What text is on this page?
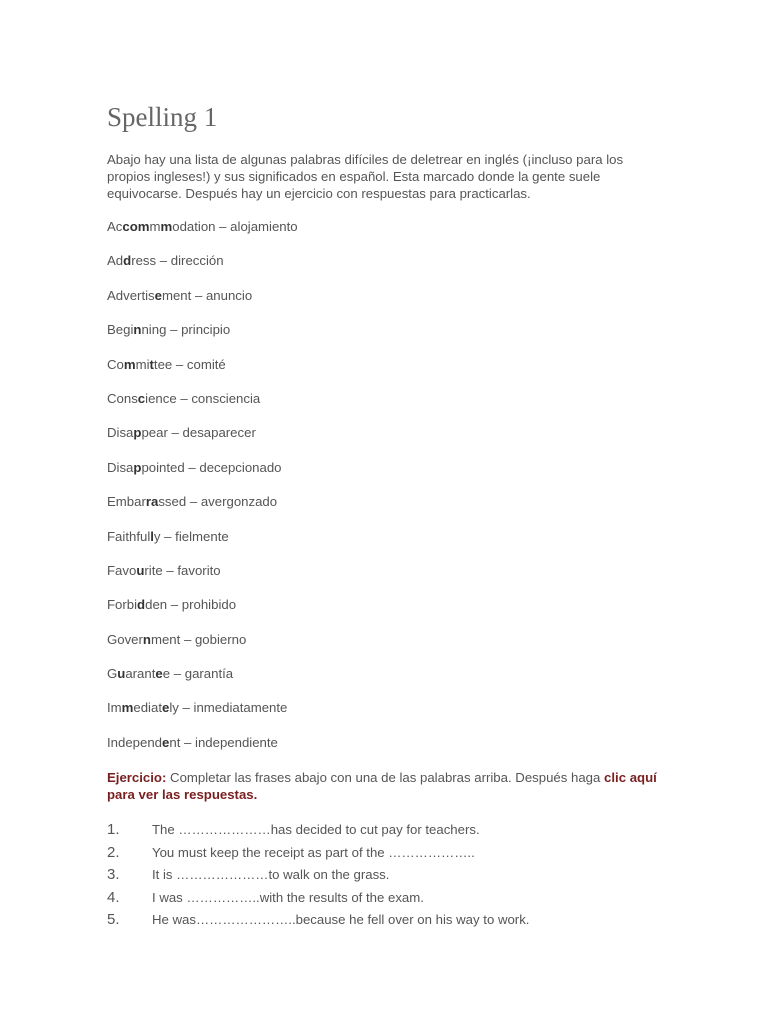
Spelling 1

Abajo hay una lista de algunas palabras difíciles de deletrear en inglés (¡incluso para los propios ingleses!) y sus significados en español. Esta marcado donde la gente suele equivocarse. Después hay un ejercicio con respuestas para practicarlas.

Accommmodation – alojamiento
Address – dirección
Advertisement – anuncio
Beginning – principio
Committee – comité
Conscience – consciencia
Disappear – desaparecer
Disappointed – decepcionado
Embarrassed – avergonzado
Faithfully – fielmente
Favourite – favorito
Forbidden – prohibido
Government – gobierno
Guarantee – garantía
Immediately – inmediatamente
Independent – independiente

Ejercicio: Completar las frases abajo con una de las palabras arriba. Después haga clic aquí para ver las respuestas.

1. The …………………has decided to cut pay for teachers.
2. You must keep the receipt as part of the ………………..
3. It is …………………to walk on the grass.
4. I was ……………..with the results of the exam.
5. He was…………………..because he fell over on his way to work.
